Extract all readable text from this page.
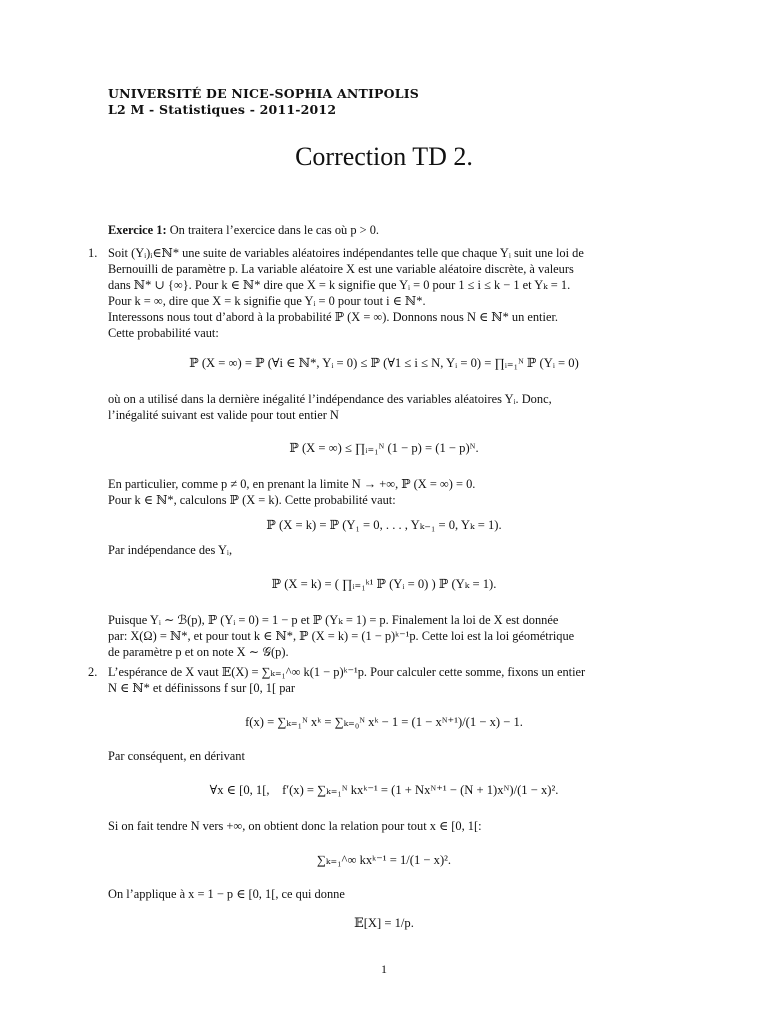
UNIVERSITÉ DE NICE-SOPHIA ANTIPOLIS
L2 M - Statistiques - 2011-2012
Correction TD 2.
Exercice 1: On traitera l’exercice dans le cas où p > 0.
1. Soit (Yᵢ)ᵢ∈ℕ* une suite de variables aléatoires indépendantes telle que chaque Yᵢ suit une loi de
Bernouilli de paramètre p. La variable aléatoire X est une variable aléatoire discrète, à valeurs
dans ℕ* ∪ {∞}. Pour k ∈ ℕ* dire que X = k signifie que Yᵢ = 0 pour 1 ≤ i ≤ k − 1 et Yₖ = 1.
Pour k = ∞, dire que X = k signifie que Yᵢ = 0 pour tout i ∈ ℕ*.
Interessons nous tout d’abord à la probabilité ℙ (X = ∞). Donnons nous N ∈ ℕ* un entier.
Cette probabilité vaut:
ℙ (X = ∞) = ℙ (∀i ∈ ℕ*, Yᵢ = 0) ≤ ℙ (∀1 ≤ i ≤ N, Yᵢ = 0) = ∏ᵢ₌₁ᴺ ℙ (Yᵢ = 0)
où on a utilisé dans la dernière inégalité l’indépendance des variables aléatoires Yᵢ. Donc,
l’inégalité suivant est valide pour tout entier N
ℙ (X = ∞) ≤ ∏ᵢ₌₁ᴺ (1 − p) = (1 − p)ᴺ.
En particulier, comme p ≠ 0, en prenant la limite N → +∞, ℙ (X = ∞) = 0.
Pour k ∈ ℕ*, calculons ℙ (X = k). Cette probabilité vaut:
ℙ (X = k) = ℙ (Y₁ = 0, . . . , Yₖ₋₁ = 0, Yₖ = 1).
Par indépendance des Yᵢ,
ℙ (X = k) = ( ∏ᵢ₌₁ᵏ¹ ℙ (Yᵢ = 0) ) ℙ (Yₖ = 1).
Puisque Yᵢ ∼ ℬ(p), ℙ (Yᵢ = 0) = 1 − p et ℙ (Yₖ = 1) = p. Finalement la loi de X est donnée
par: X(Ω) = ℕ*, et pour tout k ∈ ℕ*, ℙ (X = k) = (1 − p)ᵏ⁻¹p. Cette loi est la loi géométrique
de paramètre p et on note X ∼ 𝒢(p).
2. L’espérance de X vaut 𝔼(X) = ∑ₖ₌₁^∞ k(1 − p)ᵏ⁻¹p. Pour calculer cette somme, fixons un entier
N ∈ ℕ* et définissons f sur [0, 1[ par
f(x) = ∑ₖ₌₁ᴺ xᵏ = ∑ₖ₌₀ᴺ xᵏ − 1 = (1 − xᴺ⁺¹)/(1 − x) − 1.
Par conséquent, en dérivant
∀x ∈ [0, 1[,    f′(x) = ∑ₖ₌₁ᴺ kxᵏ⁻¹ = (1 + Nxᴺ⁺¹ − (N + 1)xᴺ)/(1 − x)².
Si on fait tendre N vers +∞, on obtient donc la relation pour tout x ∈ [0, 1[:
∑ₖ₌₁^∞ kxᵏ⁻¹ = 1/(1 − x)².
On l’applique à x = 1 − p ∈ [0, 1[, ce qui donne
𝔼[X] = 1/p.
1
